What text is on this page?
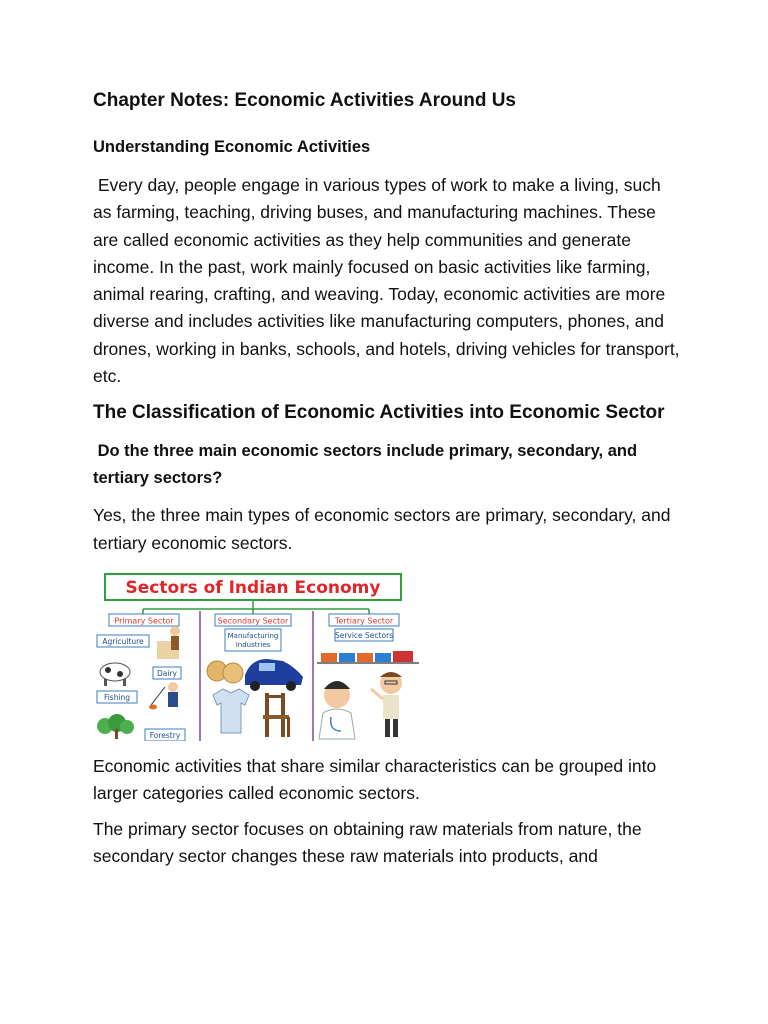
Chapter Notes: Economic Activities Around Us
Understanding Economic Activities
Every day, people engage in various types of work to make a living, such as farming, teaching, driving buses, and manufacturing machines. These are called economic activities as they help communities and generate income. In the past, work mainly focused on basic activities like farming, animal rearing, crafting, and weaving. Today, economic activities are more diverse and includes activities like manufacturing computers, phones, and drones, working in banks, schools, and hotels, driving vehicles for transport, etc.
The Classification of Economic Activities into Economic Sector
Do the three main economic sectors include primary, secondary, and tertiary sectors?
Yes, the three main types of economic sectors are primary, secondary, and tertiary economic sectors.
Sectors of Indian Economy
Primary Sector	Secondary Sector	Tertiary Sector
Agriculture
Dairy
Fishing
Forestry
Manufacturing
Industries
Service Sectors
Economic activities that share similar characteristics can be grouped into larger categories called economic sectors.
The primary sector focuses on obtaining raw materials from nature, the secondary sector changes these raw materials into products, and
